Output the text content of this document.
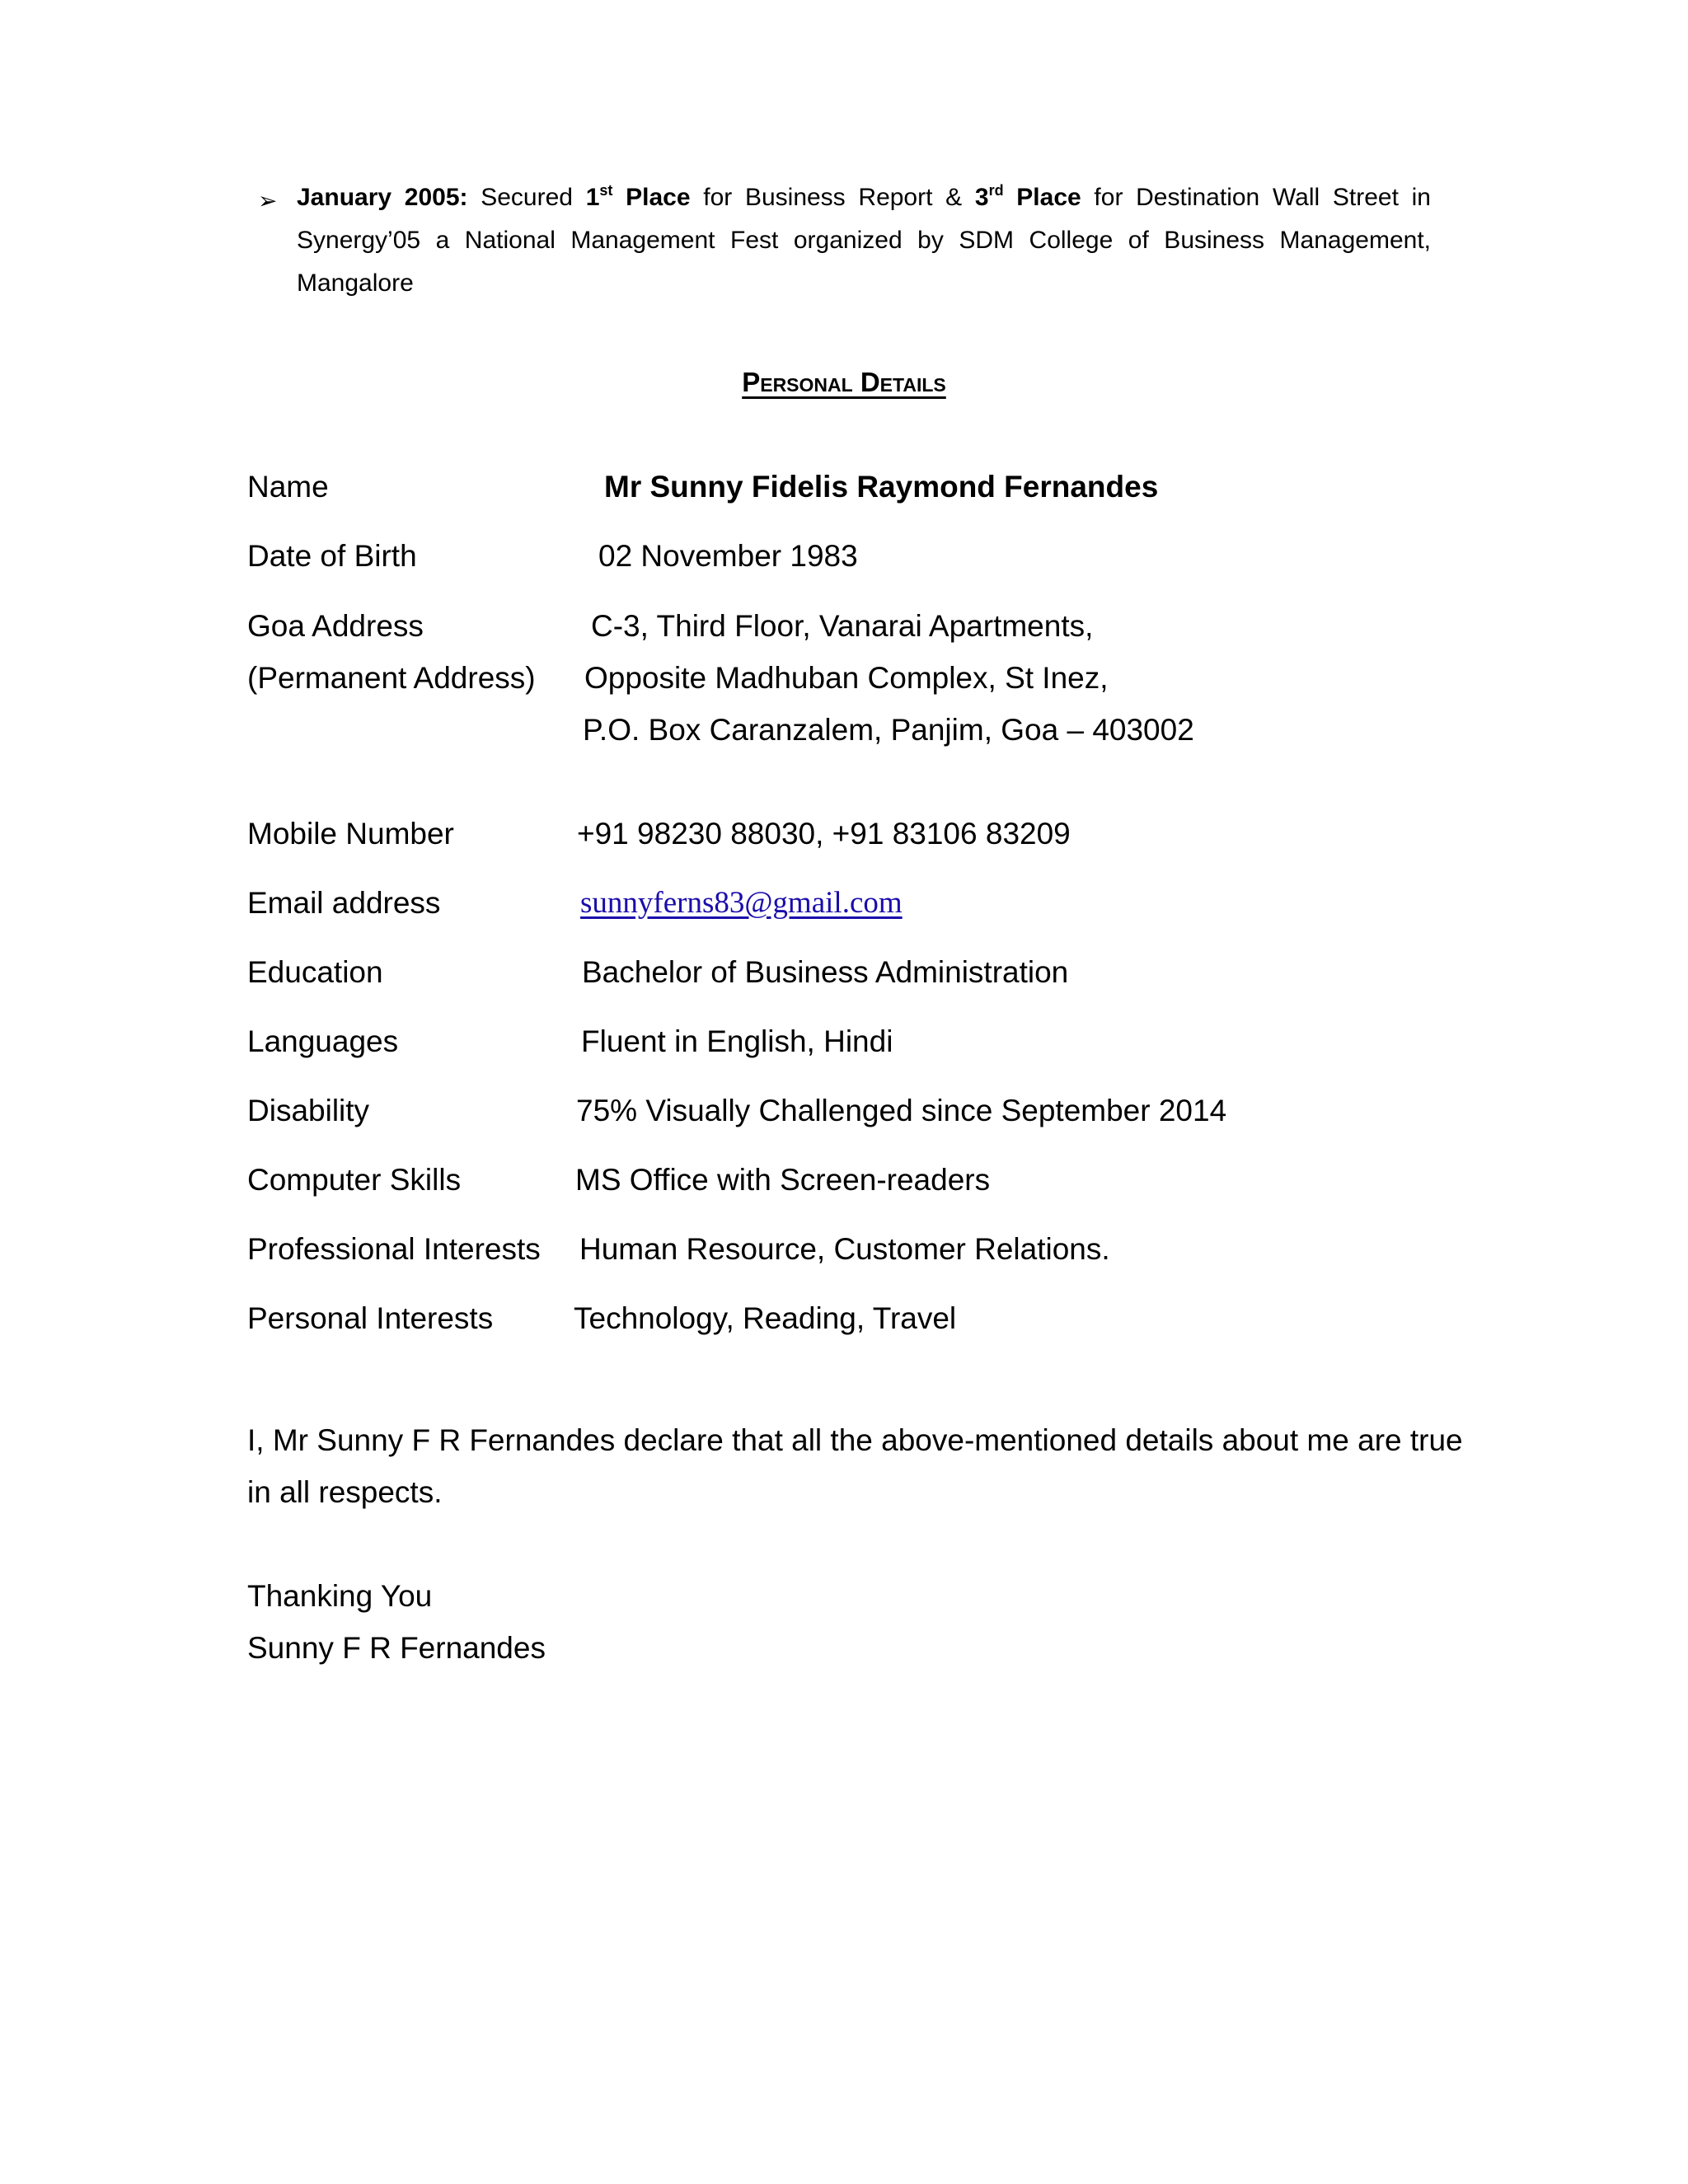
➢ January 2005: Secured 1st Place for Business Report & 3rd Place for Destination Wall Street in
Synergy’05 a National Management Fest organized by SDM College of Business Management,
Mangalore
Personal Details
Name	Mr Sunny Fidelis Raymond Fernandes
Date of Birth	02 November 1983
Goa Address	C-3, Third Floor, Vanarai Apartments,
(Permanent Address) Opposite Madhuban Complex, St Inez,
P.O. Box Caranzalem, Panjim, Goa – 403002
Mobile Number	+91 98230 88030, +91 83106 83209
Email address	sunnyferns83@gmail.com
Education	Bachelor of Business Administration
Languages	Fluent in English, Hindi
Disability	75% Visually Challenged since September 2014
Computer Skills	MS Office with Screen-readers
Professional Interests Human Resource, Customer Relations.
Personal Interests	Technology, Reading, Travel
I, Mr Sunny F R Fernandes declare that all the above-mentioned details about me are true
in all respects.
Thanking You
Sunny F R Fernandes
